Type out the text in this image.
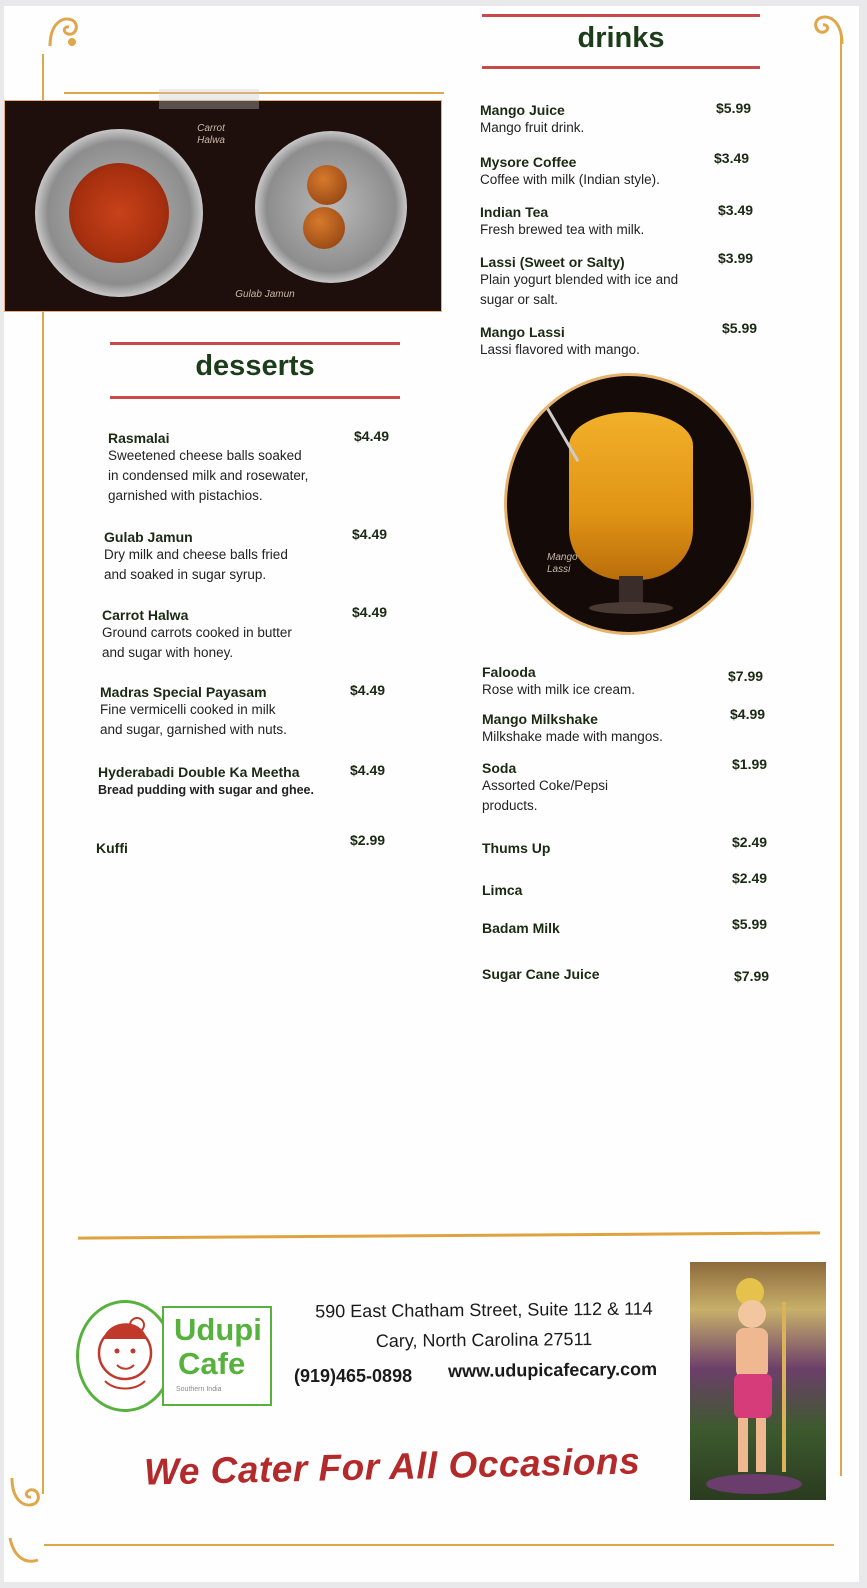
Carrot
Halwa
Gulab Jamun
desserts
Rasmalai
Sweetened cheese balls soaked
in condensed milk and rosewater,
garnished with pistachios.
$4.49
Gulab Jamun
Dry milk and cheese balls fried
and soaked in sugar syrup.
$4.49
Carrot Halwa
Ground carrots cooked in butter
and sugar with honey.
$4.49
Madras Special Payasam
Fine vermicelli cooked in milk
and sugar, garnished with nuts.
$4.49
Hyderabadi Double Ka Meetha
Bread pudding with sugar and ghee.
$4.49
Kuffi	$2.99
drinks
Mango Juice
Mango fruit drink.
$5.99
Mysore Coffee
Coffee with milk (Indian style).
$3.49
Indian Tea
Fresh brewed tea with milk.
$3.49
Lassi (Sweet or Salty)
Plain yogurt blended with ice and
sugar or salt.
$3.99
Mango Lassi
Lassi flavored with mango.
$5.99
Mango
Lassi
Falooda
Rose with milk ice cream.
$7.99
Mango Milkshake
Milkshake made with mangos.
$4.99
Soda
Assorted Coke/Pepsi
products.
$1.99
Thums Up	$2.49
Limca
$2.49
Badam Milk	$5.99
Sugar Cane Juice	$7.99
Udupi
Cafe
Southern India
590 East Chatham Street, Suite 112 & 114
Cary, North Carolina 27511
(919)465-0898 www.udupicafecary.com
We Cater For All Occasions
